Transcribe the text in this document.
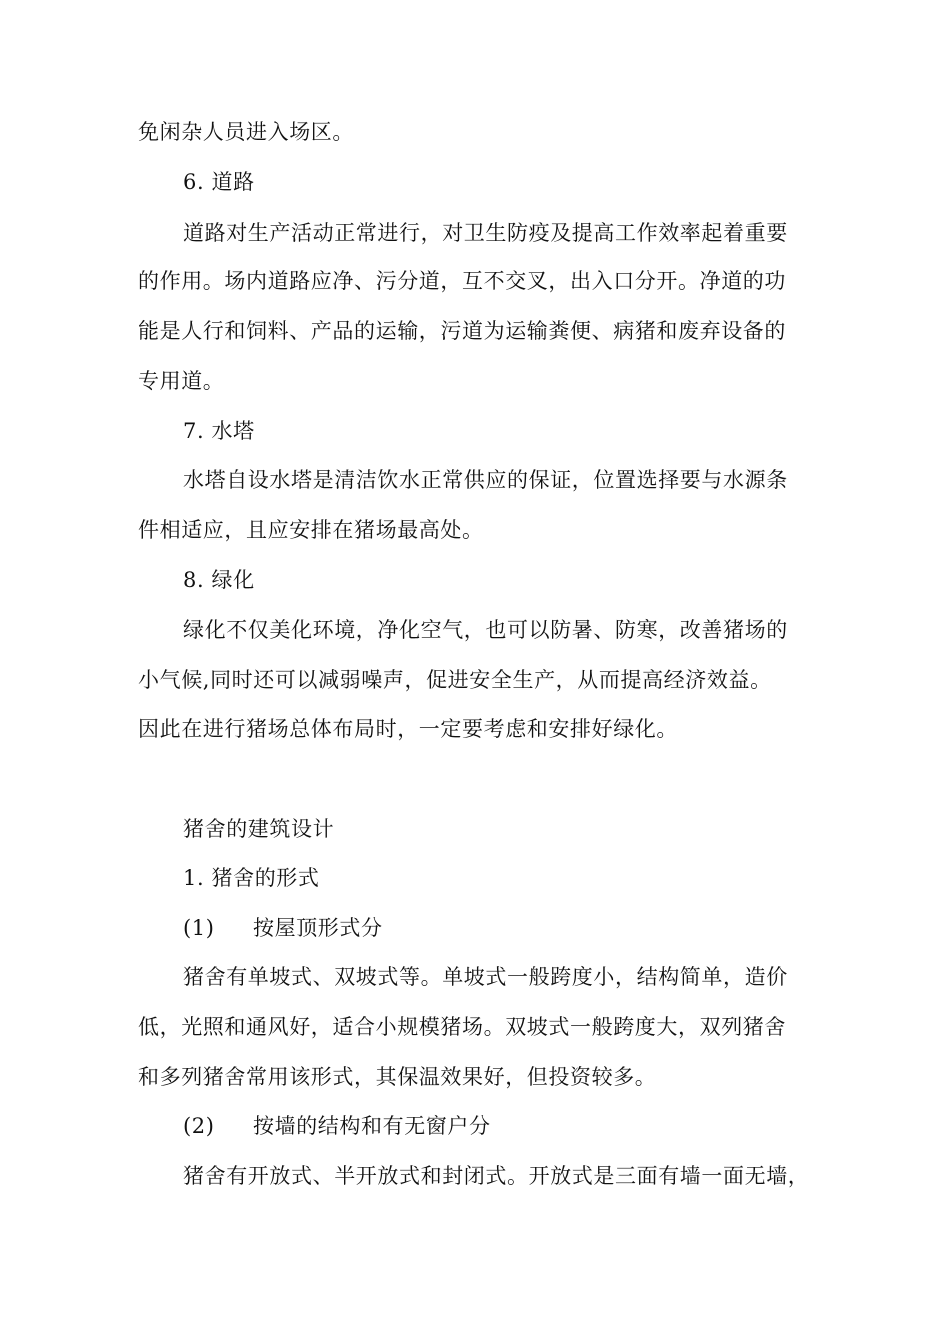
免闲杂人员进入场区。
6. 道路
道路对生产活动正常进行，对卫生防疫及提高工作效率起着重要
的作用。场内道路应净、污分道，互不交叉，出入口分开。净道的功
能是人行和饲料、产品的运输，污道为运输粪便、病猪和废弃设备的
专用道。
7. 水塔
水塔自设水塔是清洁饮水正常供应的保证，位置选择要与水源条
件相适应，且应安排在猪场最高处。
8. 绿化
绿化不仅美化环境，净化空气，也可以防暑、防寒，改善猪场的
小气候,同时还可以减弱噪声，促进安全生产，从而提高经济效益。
因此在进行猪场总体布局时，一定要考虑和安排好绿化。
猪舍的建筑设计
1. 猪舍的形式
(1) 按屋顶形式分
猪舍有单坡式、双坡式等。单坡式一般跨度小，结构简单，造价
低，光照和通风好，适合小规模猪场。双坡式一般跨度大，双列猪舍
和多列猪舍常用该形式，其保温效果好，但投资较多。
(2) 按墙的结构和有无窗户分
猪舍有开放式、半开放式和封闭式。开放式是三面有墙一面无墙，
